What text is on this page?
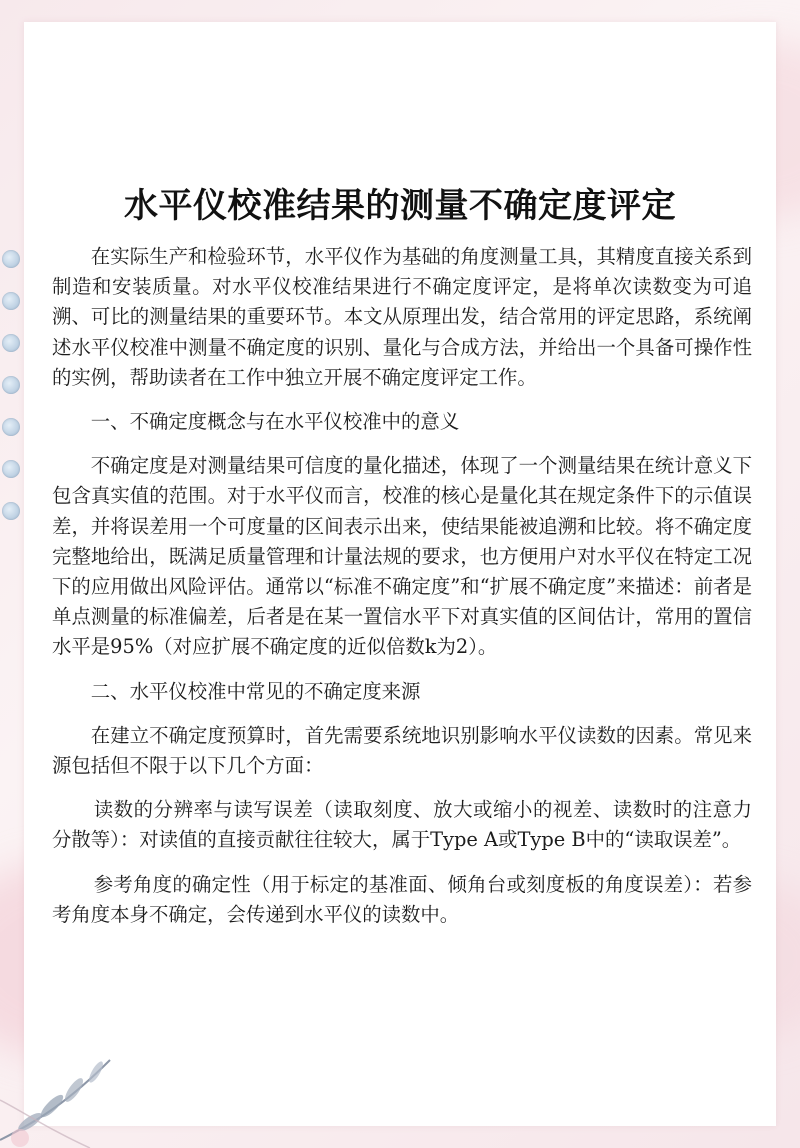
水平仪校准结果的测量不确定度评定

在实际生产和检验环节，水平仪作为基础的角度测量工具，其精度直接关系到制造和安装质量。对水平仪校准结果进行不确定度评定，是将单次读数变为可追溯、可比的测量结果的重要环节。本文从原理出发，结合常用的评定思路，系统阐述水平仪校准中测量不确定度的识别、量化与合成方法，并给出一个具备可操作性的实例，帮助读者在工作中独立开展不确定度评定工作。

一、不确定度概念与在水平仪校准中的意义

不确定度是对测量结果可信度的量化描述，体现了一个测量结果在统计意义下包含真实值的范围。对于水平仪而言，校准的核心是量化其在规定条件下的示值误差，并将误差用一个可度量的区间表示出来，使结果能被追溯和比较。将不确定度完整地给出，既满足质量管理和计量法规的要求，也方便用户对水平仪在特定工况下的应用做出风险评估。通常以“标准不确定度”和“扩展不确定度”来描述：前者是单点测量的标准偏差，后者是在某一置信水平下对真实值的区间估计，常用的置信水平是95%（对应扩展不确定度的近似倍数k为2）。

二、水平仪校准中常见的不确定度来源

在建立不确定度预算时，首先需要系统地识别影响水平仪读数的因素。常见来源包括但不限于以下几个方面：

读数的分辨率与读写误差（读取刻度、放大或缩小的视差、读数时的注意力分散等）：对读值的直接贡献往往较大，属于Type A或Type B中的“读取误差”。

参考角度的确定性（用于标定的基准面、倾角台或刻度板的角度误差）：若参考角度本身不确定，会传递到水平仪的读数中。
